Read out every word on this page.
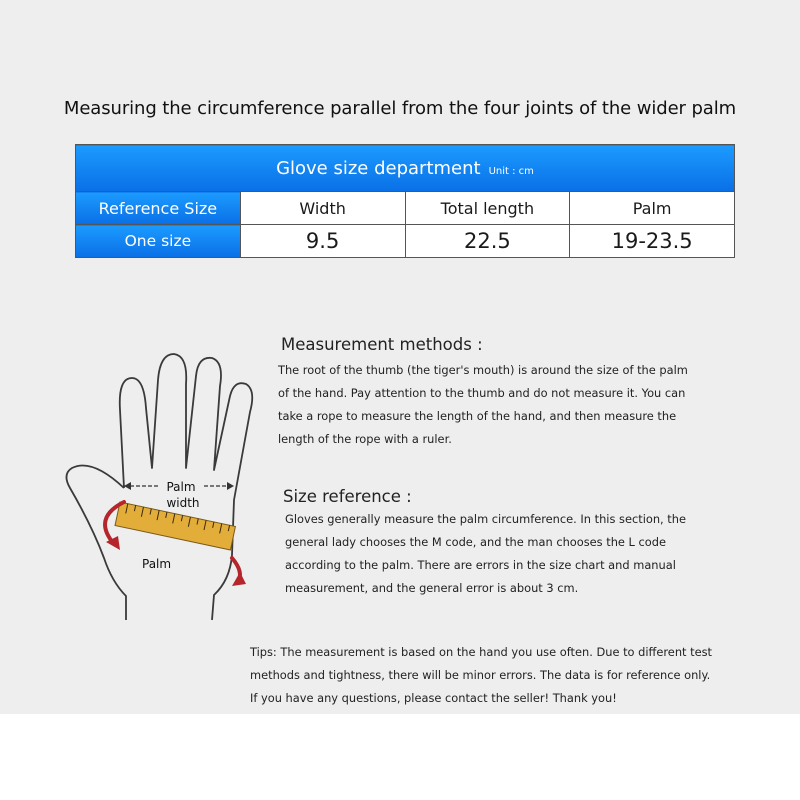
Measuring the circumference parallel from the four joints of the wider palm
Glove size department Unit : cm			
Reference Size	Width	Total length	Palm
One size	9.5	22.5	19-23.5
Palm
width
Palm
Measurement methods :
The root of the thumb (the tiger's mouth) is around the size of the palm
of the hand. Pay attention to the thumb and do not measure it. You can
take a rope to measure the length of the hand, and then measure the
length of the rope with a ruler.
Size reference :
Gloves generally measure the palm circumference. In this section, the
general lady chooses the M code, and the man chooses the L code
according to the palm. There are errors in the size chart and manual
measurement, and the general error is about 3 cm.
Tips: The measurement is based on the hand you use often. Due to different test
methods and tightness, there will be minor errors. The data is for reference only.
If you have any questions, please contact the seller! Thank you!
